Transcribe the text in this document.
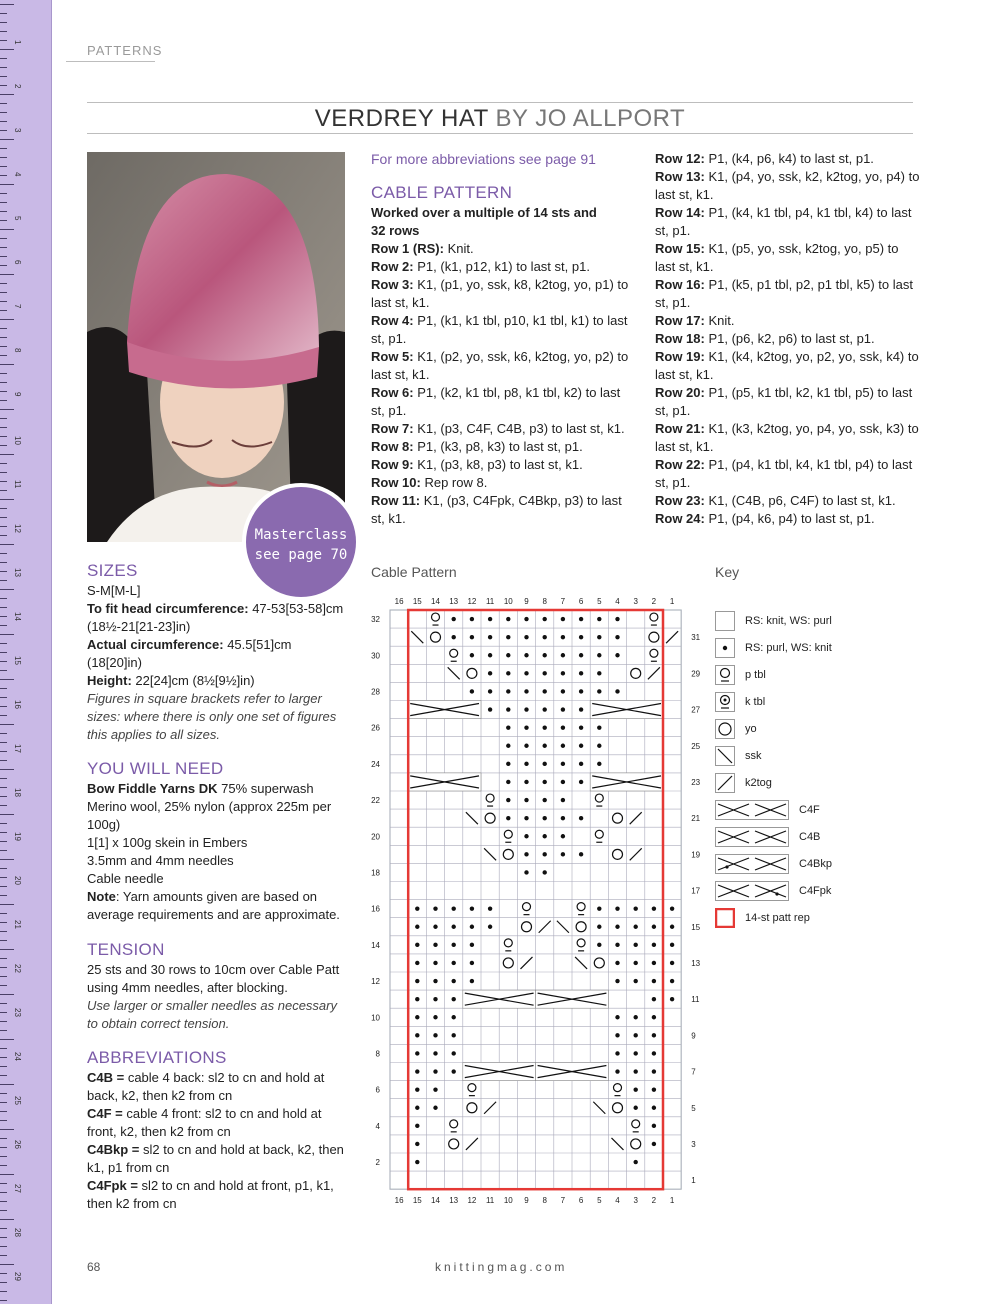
1
2
3
4
5
6
7
8
9
10
11
12
13
14
15
16
17
18
19
20
21
22
23
24
25
26
27
28
29
PATTERNS
VERDREY HAT BY JO ALLPORT
Masterclass
see page 70
For more abbreviations see page 91
CABLE PATTERN
Worked over a multiple of 14 sts and 32 rows
Row 1 (RS): Knit.
Row 2: P1, (k1, p12, k1) to last st, p1.
Row 3: K1, (p1, yo, ssk, k8, k2tog, yo, p1) to last st, k1.
Row 4: P1, (k1, k1 tbl, p10, k1 tbl, k1) to last st, p1.
Row 5: K1, (p2, yo, ssk, k6, k2tog, yo, p2) to last st, k1.
Row 6: P1, (k2, k1 tbl, p8, k1 tbl, k2) to last st, p1.
Row 7: K1, (p3, C4F, C4B, p3) to last st, k1.
Row 8: P1, (k3, p8, k3) to last st, p1.
Row 9: K1, (p3, k8, p3) to last st, k1.
Row 10: Rep row 8.
Row 11: K1, (p3, C4Fpk, C4Bkp, p3) to last st, k1.
Row 12: P1, (k4, p6, k4) to last st, p1.
Row 13: K1, (p4, yo, ssk, k2, k2tog, yo, p4) to last st, k1.
Row 14: P1, (k4, k1 tbl, p4, k1 tbl, k4) to last st, p1.
Row 15: K1, (p5, yo, ssk, k2tog, yo, p5) to last st, k1.
Row 16: P1, (k5, p1 tbl, p2, p1 tbl, k5) to last st, p1.
Row 17: Knit.
Row 18: P1, (p6, k2, p6) to last st, p1.
Row 19: K1, (k4, k2tog, yo, p2, yo, ssk, k4) to last st, k1.
Row 20: P1, (p5, k1 tbl, k2, k1 tbl, p5) to last st, p1.
Row 21: K1, (k3, k2tog, yo, p4, yo, ssk, k3) to last st, k1.
Row 22: P1, (p4, k1 tbl, k4, k1 tbl, p4) to last st, p1.
Row 23: K1, (C4B, p6, C4F) to last st, k1.
Row 24: P1, (p4, k6, p4) to last st, p1.
SIZES
S-M[M-L]
To fit head circumference: 47-53[53-58]cm (18½-21[21-23]in)
Actual circumference: 45.5[51]cm (18[20]in)
Height: 22[24]cm (8½[9½]in)
Figures in square brackets refer to larger sizes: where there is only one set of figures this applies to all sizes.
YOU WILL NEED
Bow Fiddle Yarns DK 75% superwash Merino wool, 25% nylon (approx 225m per 100g)
1[1] x 100g skein in Embers
3.5mm and 4mm needles
Cable needle
Note: Yarn amounts given are based on average requirements and are approximate.
TENSION
25 sts and 30 rows to 10cm over Cable Patt using 4mm needles, after blocking.
Use larger or smaller needles as necessary to obtain correct tension.
ABBREVIATIONS
C4B = cable 4 back: sl2 to cn and hold at back, k2, then k2 from cn
C4F = cable 4 front: sl2 to cn and hold at front, k2, then k2 from cn
C4Bkp = sl2 to cn and hold at back, k2, then k1, p1 from cn
C4Fpk = sl2 to cn and hold at front, p1, k1, then k2 from cn
Cable Pattern
16
16
15
15
14
14
13
13
12
12
11
11
10
10
9
9
8
8
7
7
6
6
5
5
4
4
3
3
2
2
1
1
2
4
6
8
10
12
14
16
18
20
22
24
26
28
30
32
1
3
5
7
9
11
13
15
17
19
21
23
25
27
29
31
Key
RS: knit, WS: purl
RS: purl, WS: knit
p tbl
k tbl
yo
ssk
k2tog
C4F
C4B
C4Bkp
C4Fpk
14-st patt rep
68	knittingmag.com
